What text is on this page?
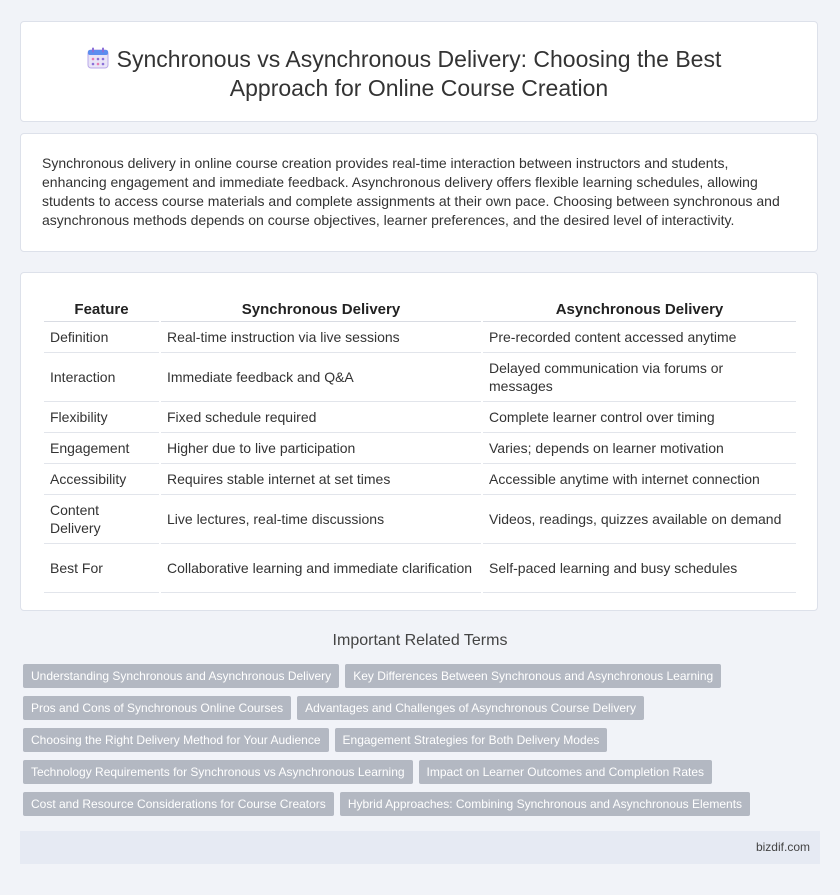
Synchronous vs Asynchronous Delivery: Choosing the Best
Approach for Online Course Creation
Synchronous delivery in online course creation provides real-time interaction between instructors and students, enhancing engagement and immediate feedback. Asynchronous delivery offers flexible learning schedules, allowing students to access course materials and complete assignments at their own pace. Choosing between synchronous and asynchronous methods depends on course objectives, learner preferences, and the desired level of interactivity.
Feature	Synchronous Delivery	Asynchronous Delivery
Definition	Real-time instruction via live sessions	Pre-recorded content accessed anytime
Interaction	Immediate feedback and Q&A	Delayed communication via forums or messages
Flexibility	Fixed schedule required	Complete learner control over timing
Engagement	Higher due to live participation	Varies; depends on learner motivation
Accessibility	Requires stable internet at set times	Accessible anytime with internet connection
Content Delivery	Live lectures, real-time discussions	Videos, readings, quizzes available on demand
Best For	Collaborative learning and immediate clarification	Self-paced learning and busy schedules
Important Related Terms
Understanding Synchronous and Asynchronous Delivery Key Differences Between Synchronous and Asynchronous Learning
Pros and Cons of Synchronous Online Courses Advantages and Challenges of Asynchronous Course Delivery
Choosing the Right Delivery Method for Your Audience Engagement Strategies for Both Delivery Modes
Technology Requirements for Synchronous vs Asynchronous Learning Impact on Learner Outcomes and Completion Rates
Cost and Resource Considerations for Course Creators Hybrid Approaches: Combining Synchronous and Asynchronous Elements
bizdif.com
